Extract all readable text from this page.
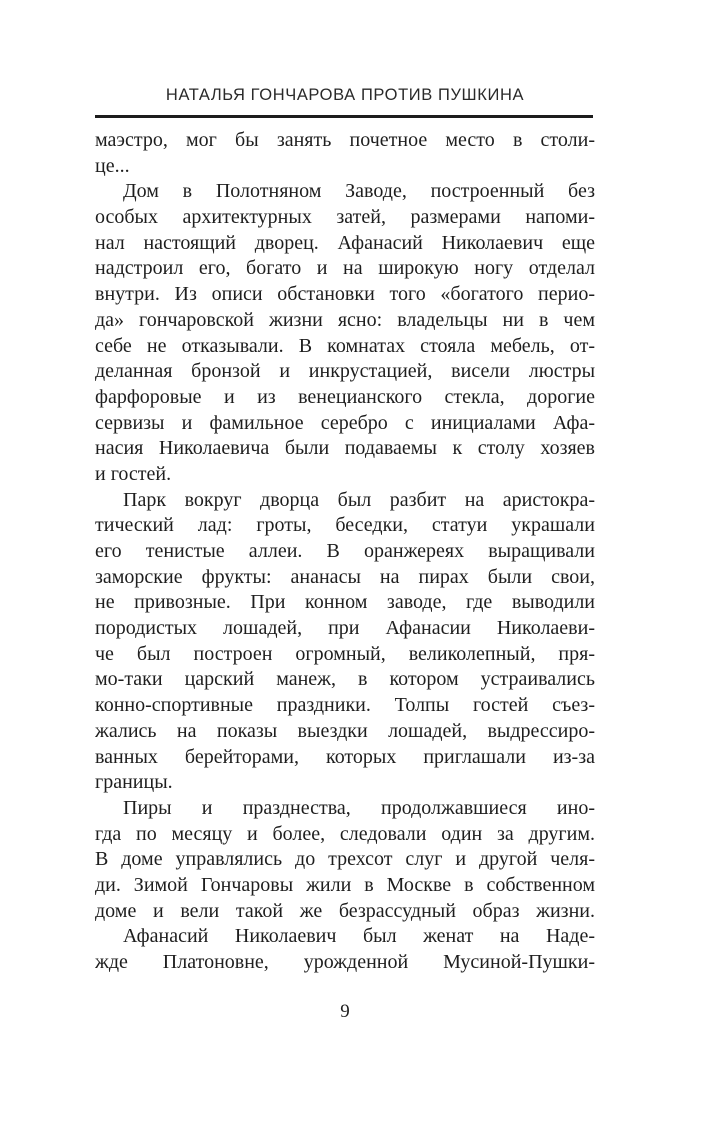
НАТАЛЬЯ ГОНЧАРОВА ПРОТИВ ПУШКИНА
маэстро, мог бы занять почетное место в столи-
це...
Дом в Полотняном Заводе, построенный без
особых архитектурных затей, размерами напоми-
нал настоящий дворец. Афанасий Николаевич еще
надстроил его, богато и на широкую ногу отделал
внутри. Из описи обстановки того «богатого перио-
да» гончаровской жизни ясно: владельцы ни в чем
себе не отказывали. В комнатах стояла мебель, от-
деланная бронзой и инкрустацией, висели люстры
фарфоровые и из венецианского стекла, дорогие
сервизы и фамильное серебро с инициалами Афа-
насия Николаевича были подаваемы к столу хозяев
и гостей.
Парк вокруг дворца был разбит на аристокра-
тический лад: гроты, беседки, статуи украшали
его тенистые аллеи. В оранжереях выращивали
заморские фрукты: ананасы на пирах были свои,
не привозные. При конном заводе, где выводили
породистых лошадей, при Афанасии Николаеви-
че был построен огромный, великолепный, пря-
мо-таки царский манеж, в котором устраивались
конно-спортивные праздники. Толпы гостей съез-
жались на показы выездки лошадей, выдрессиро-
ванных берейторами, которых приглашали из-за
границы.
Пиры и празднества, продолжавшиеся ино-
гда по месяцу и более, следовали один за другим.
В доме управлялись до трехсот слуг и другой челя-
ди. Зимой Гончаровы жили в Москве в собственном
доме и вели такой же безрассудный образ жизни.
Афанасий Николаевич был женат на Наде-
жде Платоновне, урожденной Мусиной-Пушки-
9
